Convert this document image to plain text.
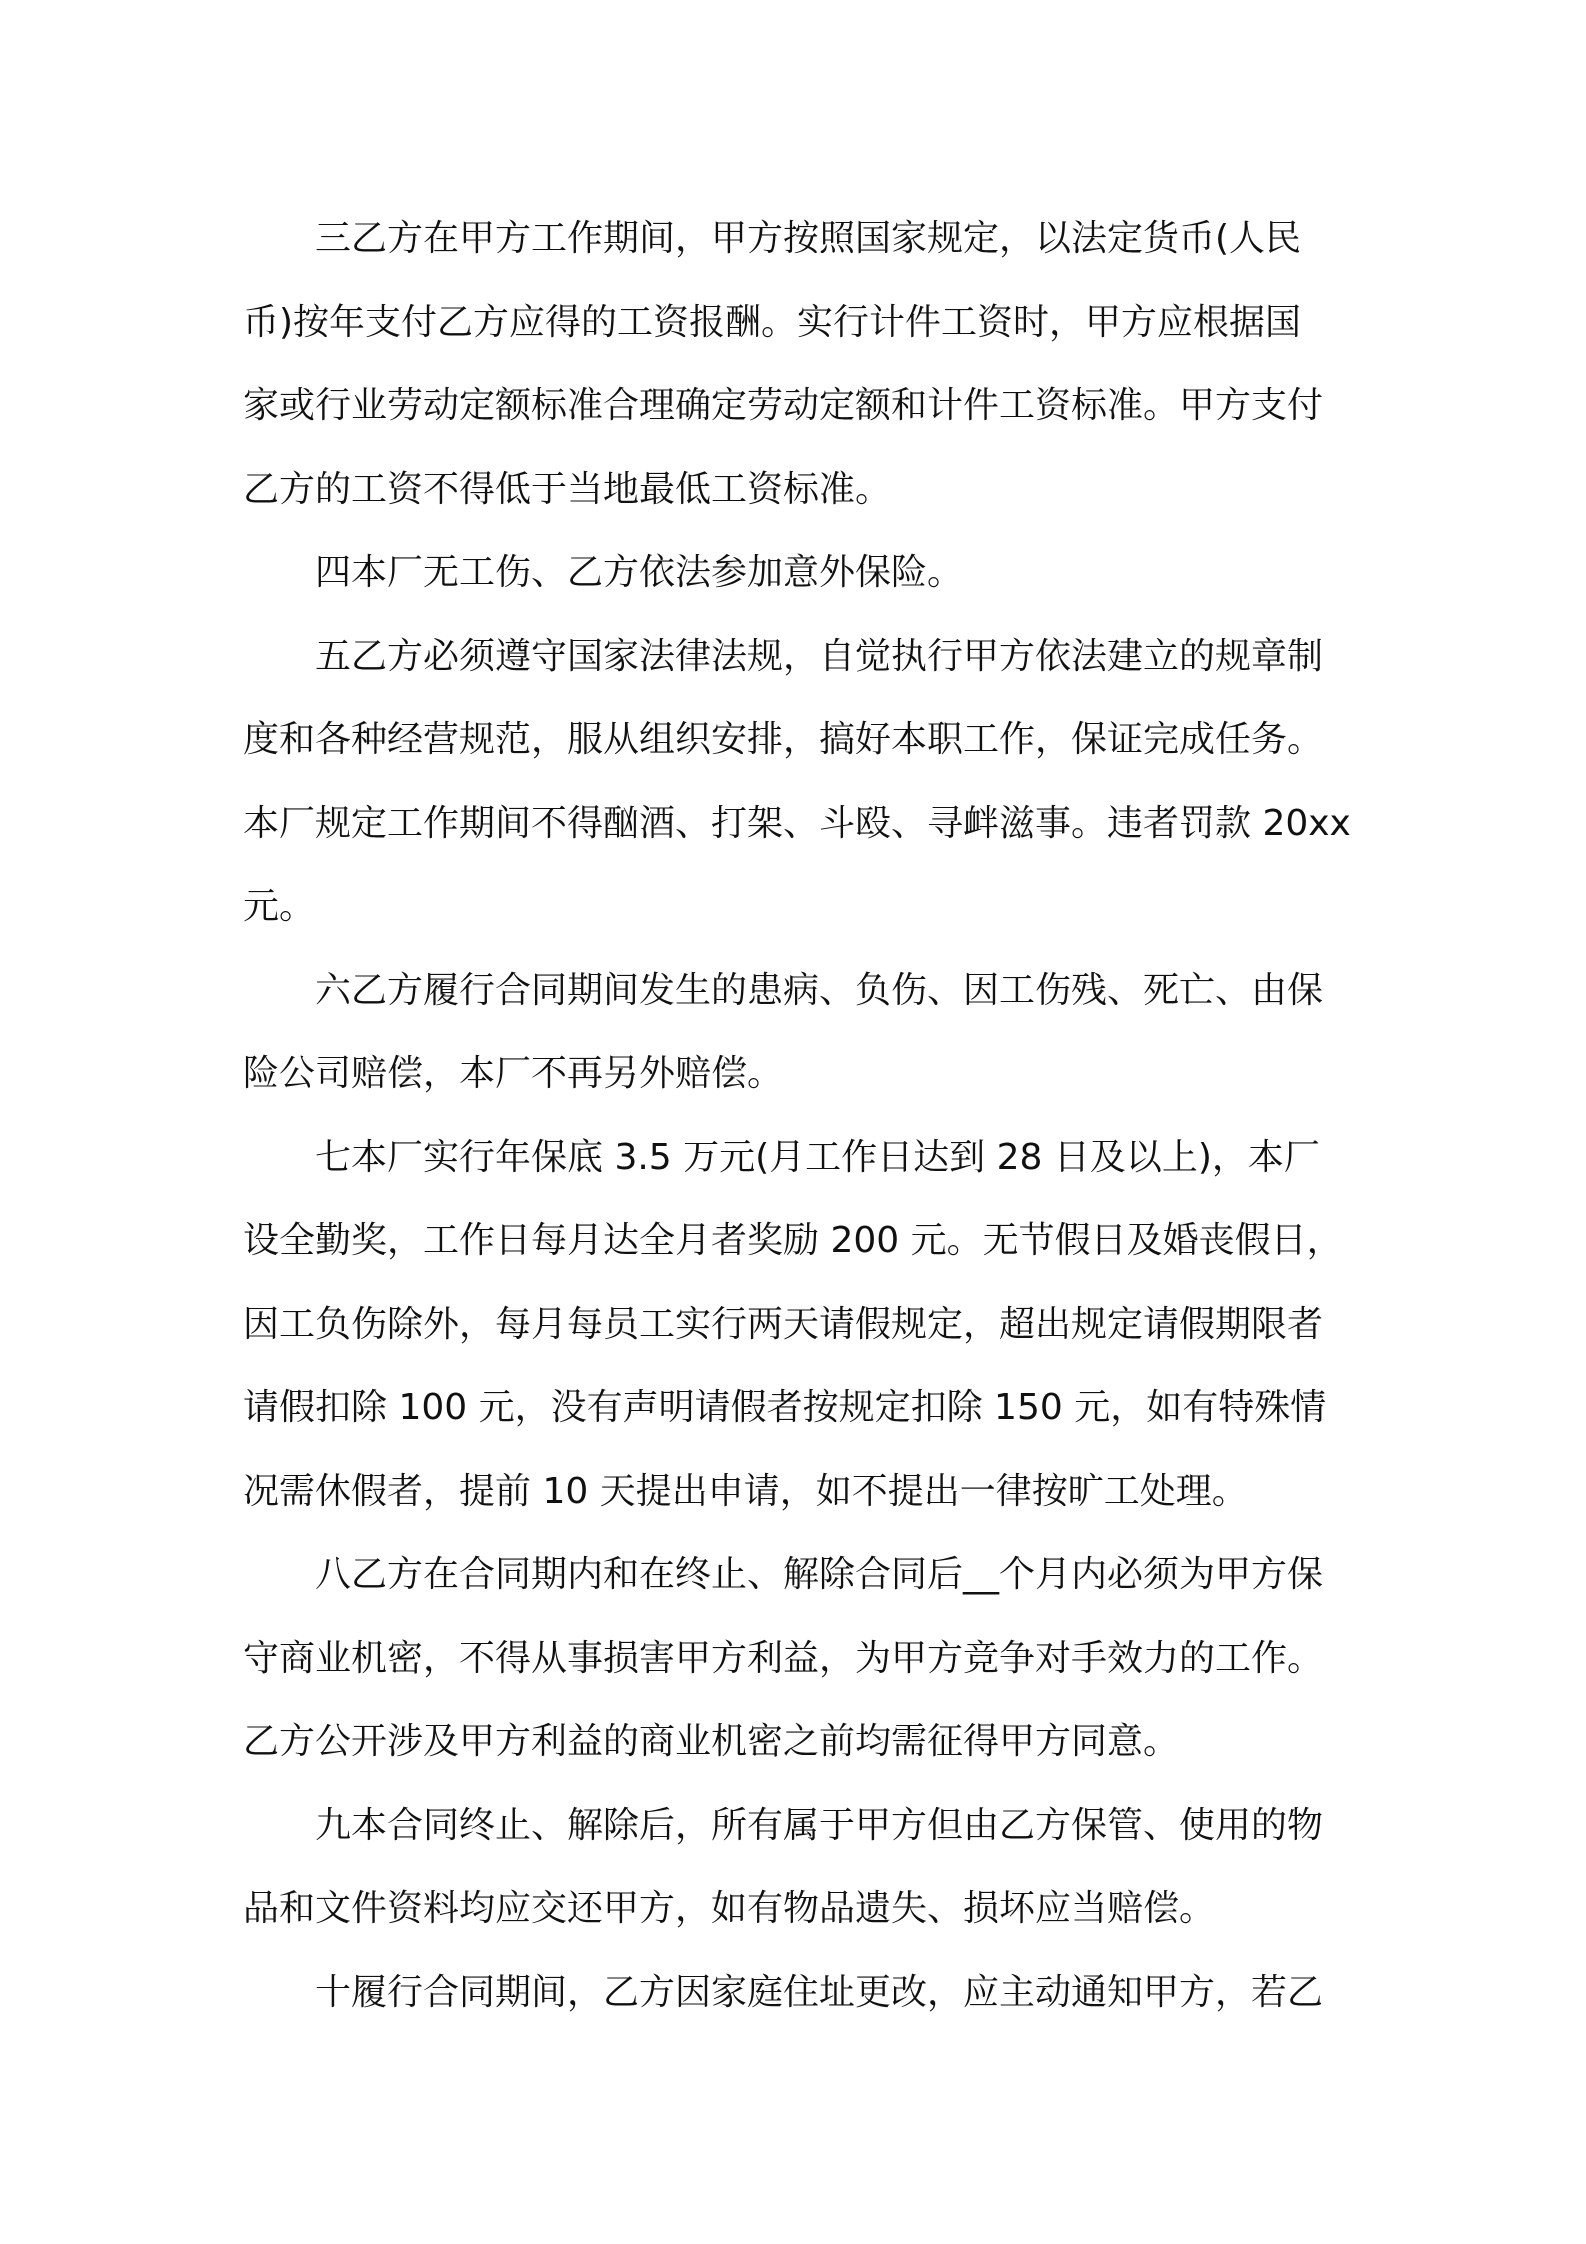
三乙方在甲方工作期间，甲方按照国家规定，以法定货币(人民
币)按年支付乙方应得的工资报酬。实行计件工资时，甲方应根据国
家或行业劳动定额标准合理确定劳动定额和计件工资标准。甲方支付
乙方的工资不得低于当地最低工资标准。

四本厂无工伤、乙方依法参加意外保险。

五乙方必须遵守国家法律法规，自觉执行甲方依法建立的规章制
度和各种经营规范，服从组织安排，搞好本职工作，保证完成任务。
本厂规定工作期间不得酗酒、打架、斗殴、寻衅滋事。违者罚款 20xx
元。

六乙方履行合同期间发生的患病、负伤、因工伤残、死亡、由保
险公司赔偿，本厂不再另外赔偿。

七本厂实行年保底 3.5 万元(月工作日达到 28 日及以上)，本厂
设全勤奖，工作日每月达全月者奖励 200 元。无节假日及婚丧假日，
因工负伤除外，每月每员工实行两天请假规定，超出规定请假期限者
请假扣除 100 元，没有声明请假者按规定扣除 150 元，如有特殊情
况需休假者，提前 10 天提出申请，如不提出一律按旷工处理。

八乙方在合同期内和在终止、解除合同后__个月内必须为甲方保
守商业机密，不得从事损害甲方利益，为甲方竞争对手效力的工作。
乙方公开涉及甲方利益的商业机密之前均需征得甲方同意。

九本合同终止、解除后，所有属于甲方但由乙方保管、使用的物
品和文件资料均应交还甲方，如有物品遗失、损坏应当赔偿。

十履行合同期间，乙方因家庭住址更改，应主动通知甲方，若乙
